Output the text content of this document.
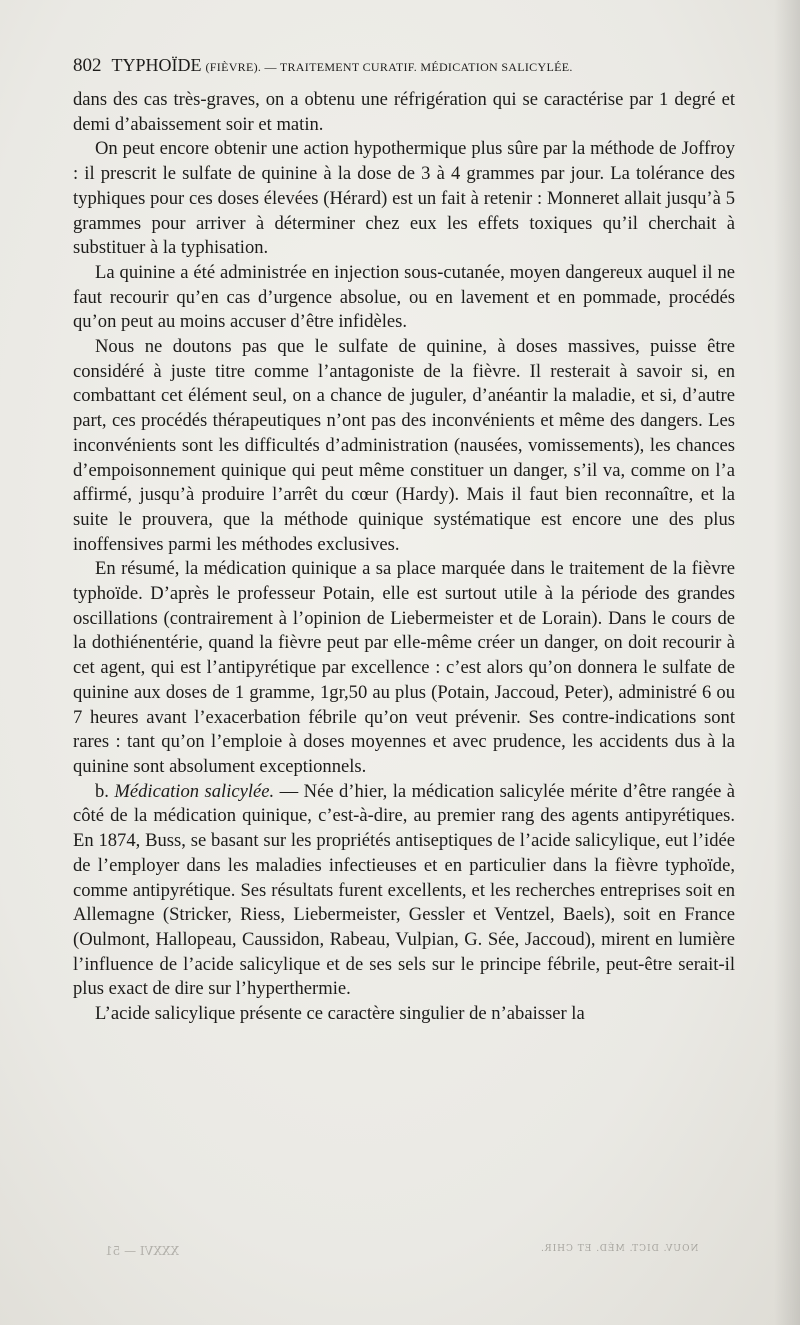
802 TYPHOÏDE (FIÈVRE). — TRAITEMENT CURATIF. MÉDICATION SALICYLÉE.

dans des cas très-graves, on a obtenu une réfrigération qui se caractérise par 1 degré et demi d’abaissement soir et matin.

On peut encore obtenir une action hypothermique plus sûre par la méthode de Joffroy : il prescrit le sulfate de quinine à la dose de 3 à 4 grammes par jour. La tolérance des typhiques pour ces doses élevées (Hérard) est un fait à retenir : Monneret allait jusqu’à 5 grammes pour arriver à déterminer chez eux les effets toxiques qu’il cherchait à substituer à la typhisation.

La quinine a été administrée en injection sous-cutanée, moyen dangereux auquel il ne faut recourir qu’en cas d’urgence absolue, ou en lavement et en pommade, procédés qu’on peut au moins accuser d’être infidèles.

Nous ne doutons pas que le sulfate de quinine, à doses massives, puisse être considéré à juste titre comme l’antagoniste de la fièvre. Il resterait à savoir si, en combattant cet élément seul, on a chance de juguler, d’anéantir la maladie, et si, d’autre part, ces procédés thérapeutiques n’ont pas des inconvénients et même des dangers. Les inconvénients sont les difficultés d’administration (nausées, vomissements), les chances d’empoisonnement quinique qui peut même constituer un danger, s’il va, comme on l’a affirmé, jusqu’à produire l’arrêt du cœur (Hardy). Mais il faut bien reconnaître, et la suite le prouvera, que la méthode quinique systématique est encore une des plus inoffensives parmi les méthodes exclusives.

En résumé, la médication quinique a sa place marquée dans le traitement de la fièvre typhoïde. D’après le professeur Potain, elle est surtout utile à la période des grandes oscillations (contrairement à l’opinion de Liebermeister et de Lorain). Dans le cours de la dothiénentérie, quand la fièvre peut par elle-même créer un danger, on doit recourir à cet agent, qui est l’antipyrétique par excellence : c’est alors qu’on donnera le sulfate de quinine aux doses de 1 gramme, 1gr,50 au plus (Potain, Jaccoud, Peter), administré 6 ou 7 heures avant l’exacerbation fébrile qu’on veut prévenir. Ses contre-indications sont rares : tant qu’on l’emploie à doses moyennes et avec prudence, les accidents dus à la quinine sont absolument exceptionnels.

b. Médication salicylée. — Née d’hier, la médication salicylée mérite d’être rangée à côté de la médication quinique, c’est-à-dire, au premier rang des agents antipyrétiques. En 1874, Buss, se basant sur les propriétés antiseptiques de l’acide salicylique, eut l’idée de l’employer dans les maladies infectieuses et en particulier dans la fièvre typhoïde, comme antipyrétique. Ses résultats furent excellents, et les recherches entreprises soit en Allemagne (Stricker, Riess, Liebermeister, Gessler et Ventzel, Baels), soit en France (Oulmont, Hallopeau, Caussidon, Rabeau, Vulpian, G. Sée, Jaccoud), mirent en lumière l’influence de l’acide salicylique et de ses sels sur le principe fébrile, peut-être serait-il plus exact de dire sur l’hyperthermie.

L’acide salicylique présente ce caractère singulier de n’abaisser la

XXXVI — 51	NOUV. DICT. MÉD. ET CHIR.
